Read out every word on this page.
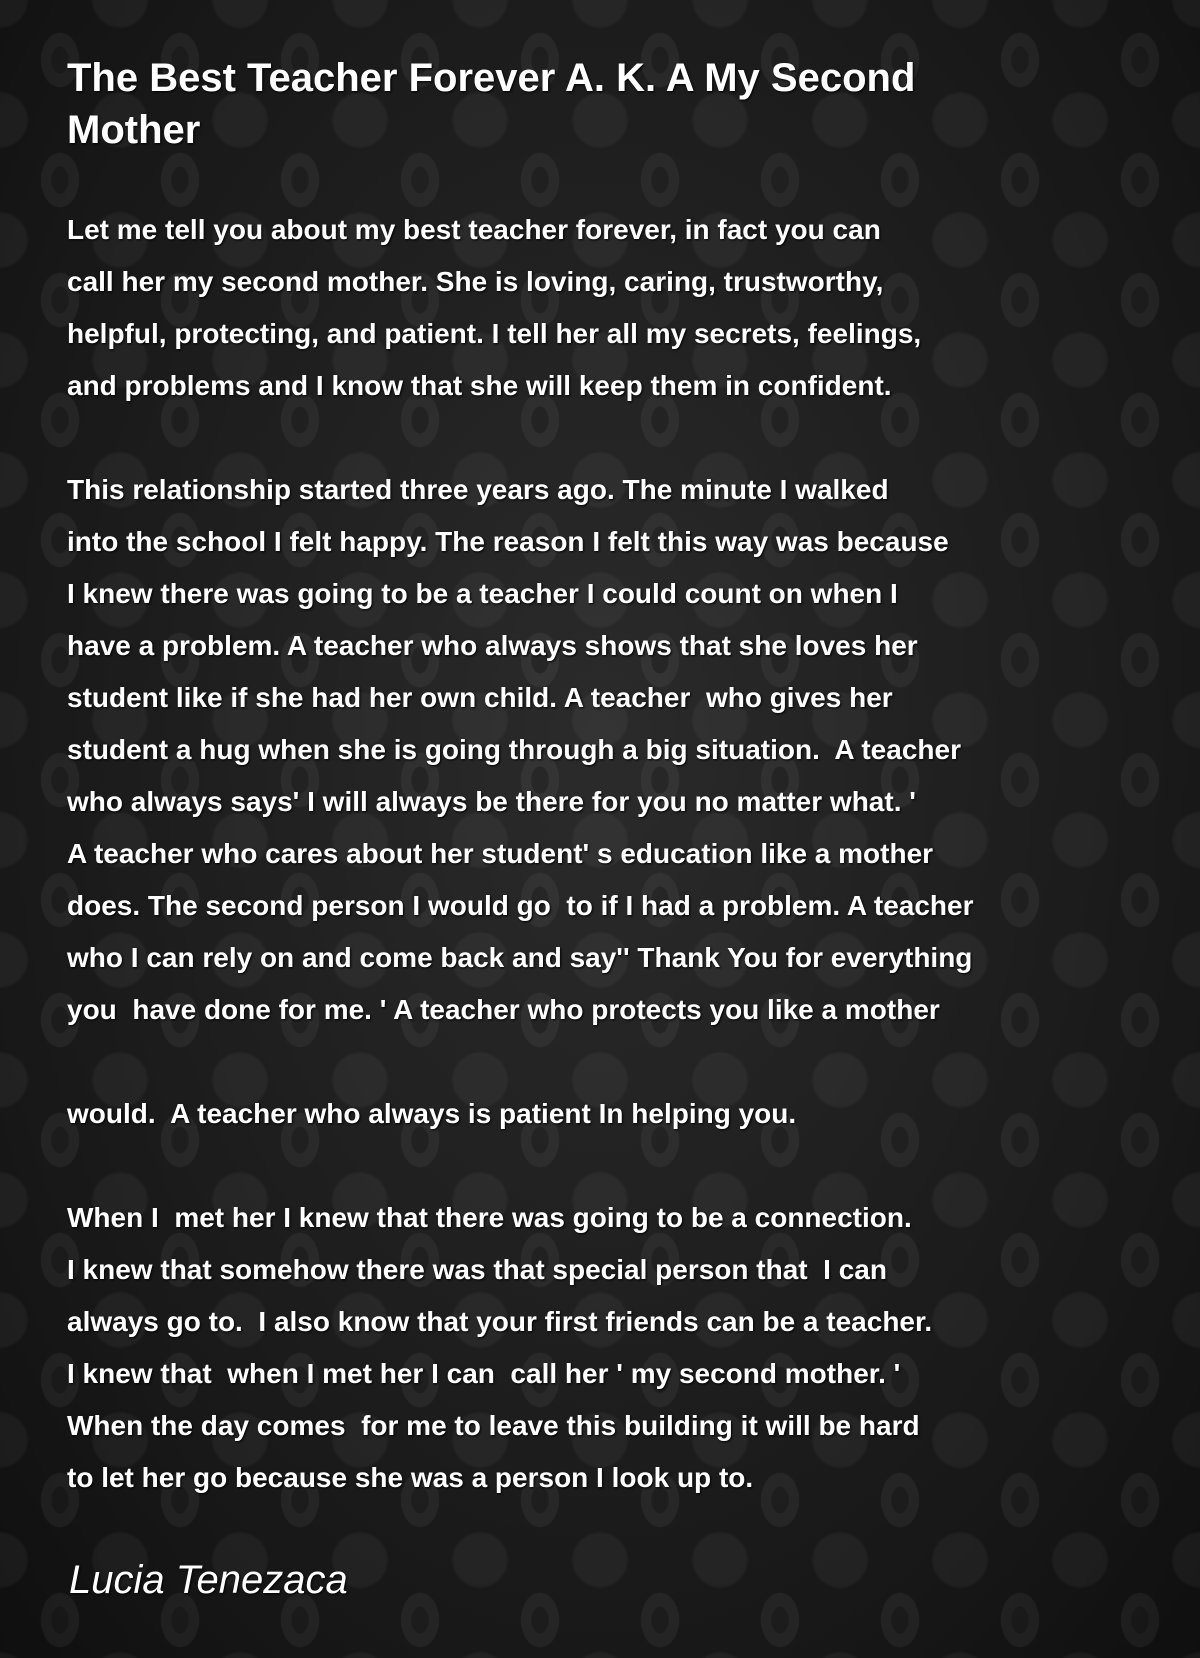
The Best Teacher Forever A. K. A My Second Mother
Let me tell you about my best teacher forever, in fact you can
call her my second mother. She is loving, caring, trustworthy,
helpful, protecting, and patient. I tell her all my secrets, feelings,
and problems and I know that she will keep them in confident.
This relationship started three years ago. The minute I walked
into the school I felt happy. The reason I felt this way was because
I knew there was going to be a teacher I could count on when I
have a problem. A teacher who always shows that she loves her
student like if she had her own child. A teacher  who gives her
student a hug when she is going through a big situation.  A teacher
who always says' I will always be there for you no matter what. '
A teacher who cares about her student' s education like a mother
does. The second person I would go  to if I had a problem. A teacher
who I can rely on and come back and say'' Thank You for everything
you  have done for me. ' A teacher who protects you like a mother
would.  A teacher who always is patient In helping you.
When I  met her I knew that there was going to be a connection.
I knew that somehow there was that special person that  I can
always go to.  I also know that your first friends can be a teacher.
I knew that  when I met her I can  call her ' my second mother. '
When the day comes  for me to leave this building it will be hard
to let her go because she was a person I look up to.
Lucia Tenezaca
